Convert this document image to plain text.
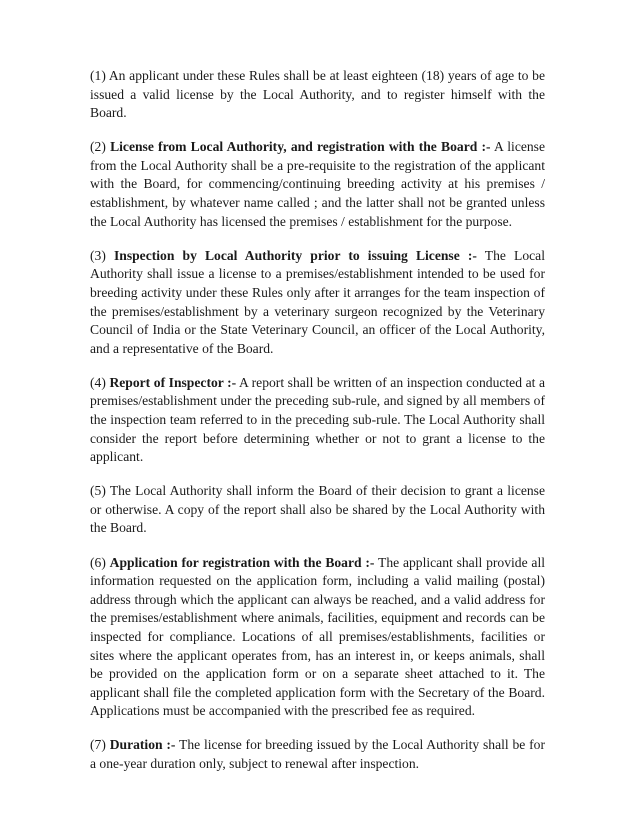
(1) An applicant under these Rules shall be at least eighteen (18) years of age to be issued a valid license by the Local Authority, and to register himself with the Board.

(2) License from Local Authority, and registration with the Board :- A license from the Local Authority shall be a pre-requisite to the registration of the applicant with the Board, for commencing/continuing breeding activity at his premises / establishment, by whatever name called ; and the latter shall not be granted unless the Local Authority has licensed the premises / establishment for the purpose.

(3) Inspection by Local Authority prior to issuing License :- The Local Authority shall issue a license to a premises/establishment intended to be used for breeding activity under these Rules only after it arranges for the team inspection of the premises/establishment by a veterinary surgeon recognized by the Veterinary Council of India or the State Veterinary Council, an officer of the Local Authority, and a representative of the Board.

(4) Report of Inspector :- A report shall be written of an inspection conducted at a premises/establishment under the preceding sub-rule, and signed by all members of the inspection team referred to in the preceding sub-rule. The Local Authority shall consider the report before determining whether or not to grant a license to the applicant.

(5) The Local Authority shall inform the Board of their decision to grant a license or otherwise. A copy of the report shall also be shared by the Local Authority with the Board.

(6) Application for registration with the Board :- The applicant shall provide all information requested on the application form, including a valid mailing (postal) address through which the applicant can always be reached, and a valid address for the premises/establishment where animals, facilities, equipment and records can be inspected for compliance. Locations of all premises/establishments, facilities or sites where the applicant operates from, has an interest in, or keeps animals, shall be provided on the application form or on a separate sheet attached to it. The applicant shall file the completed application form with the Secretary of the Board. Applications must be accompanied with the prescribed fee as required.

(7) Duration :- The license for breeding issued by the Local Authority shall be for a one-year duration only, subject to renewal after inspection.
